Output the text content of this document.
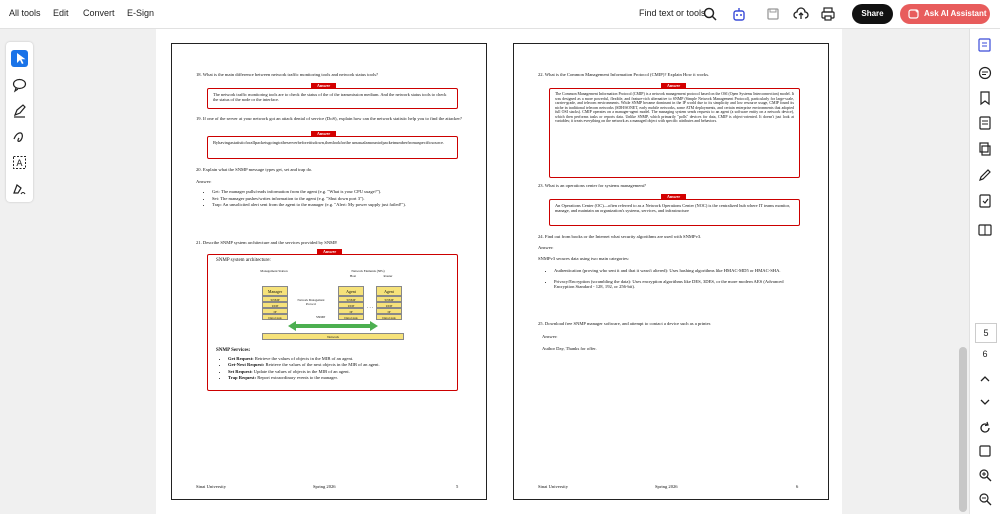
All tools Edit Convert E-Sign	Find text or tools	Share	Ask AI Assistant
A
18. What is the main difference between network traffic monitoring tools and network status tools?
Answer
The network traffic monitoring tools are to check the status of the of the transmission medium. And the network status tools to check the status of the node or the interface.
19. If one of the server at your network got an attack denial of service (DoS), explain how can the network statistic help you to find the attacker?
Answer
Byhavingastatisticforallpacketsgoingtotheserverbeforeitisdown,thenlookforthe unusualamountofpacketnumberfromaspecificsource.
20. Explain what the SNMP message types get, set and trap do.
Answer:
• Get: The manager pulls/reads information from the agent (e.g. "What is your CPU usage?").
• Set: The manager pushes/writes information to the agent (e.g. "Shut down port 3").
• Trap: An unsolicited alert sent from the agent to the manager (e.g. "Alert: My power supply just failed!").
21. Describe SNMP system architecture and the services provided by SNMP.
Answer
SNMP system architecture:
Management Station	Network Elements (NEs)
Host	Router
Manager
SNMP
UDP
IP
Data Link
Network Management Protocol
Agent
SNMP
UDP
IP
Data Link
. . .
Agent
SNMP
UDP
IP
Data Link
SNMP
Network
SNMP Services:
• Get Request: Retrieve the values of objects in the MIB of an agent.
• Get-Next Request: Retrieve the values of the next objects in the MIB of an agent.
• Set Request: Update the values of objects in the MIB of an agent.
• Trap Request: Report extraordinary events to the manager.
Sinai University	Spring 2026	5
22. What is the Common Management Information Protocol (CMIP)? Explain How it works.
Answer
The Common Management Information Protocol (CMIP) is a network management protocol based on the OSI (Open Systems Interconnection) model. It was designed as a more powerful, flexible, and feature-rich alternative to SNMP (Simple Network Management Protocol), particularly for large-scale, carrier-grade, and telecom environments. While SNMP became dominant in the IP world due to its simplicity and low resource usage, CMIP found its niche in traditional telecom networks (SDH/SONET, early mobile networks, some ATM deployments, and certain enterprise environments that adopted full OSI stacks). CMIP operates on a manager-agent model. The managing system sends requests to an agent (a software entity on a network device), which then performs tasks or reports data. Unlike SNMP, which primarily "polls" devices for data, CMIP is object-oriented. It doesn't just look at variables; it treats everything on the network as a managed object with specific attributes and behaviors.
23. What is an operations center for systems management?
Answer
An Operations Center (OC)—often referred to as a Network Operations Center (NOC) is the centralized hub where IT teams monitor, manage, and maintain an organization's systems, services, and infrastructure
24. Find out from books or the Internet what security algorithms are used with SNMPv3.
Answer:
SNMPv3 secures data using two main categories:
• Authentication (proving who sent it and that it wasn't altered): Uses hashing algorithms like HMAC-MD5 or HMAC-SHA.
• Privacy/Encryption (scrambling the data): Uses encryption algorithms like DES, 3DES, or the more modern AES (Advanced Encryption Standard - 128, 192, or 256-bit).
25. Download free SNMP manager software, and attempt to contact a device such as a printer.
Answer:
Author Day, Thanks for offer.
Sinai University	Spring 2026	6
5
6
